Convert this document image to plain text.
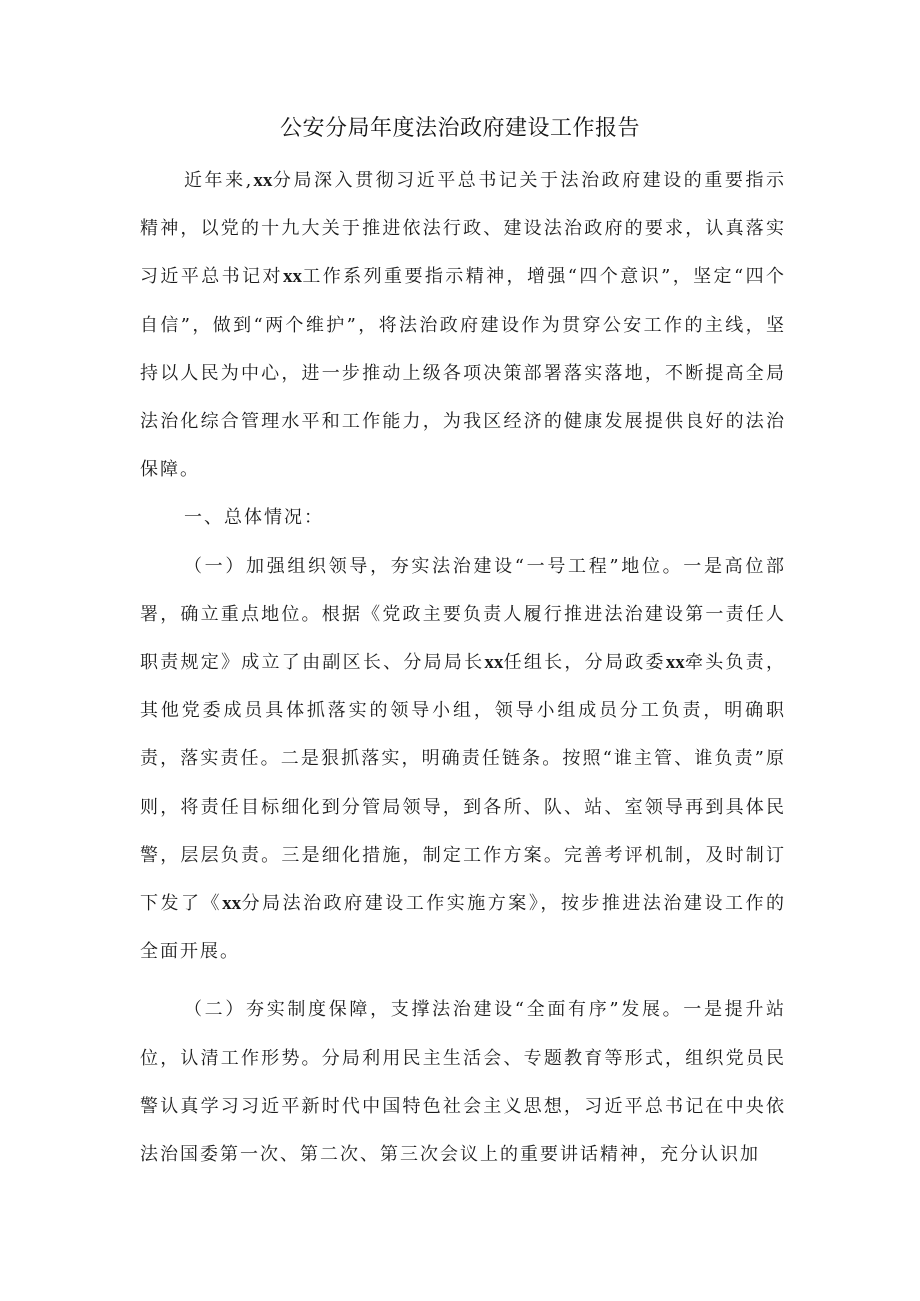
公安分局年度法治政府建设工作报告

近年来,xx分局深入贯彻习近平总书记关于法治政府建设的重要指示精神，以党的十九大关于推进依法行政、建设法治政府的要求，认真落实习近平总书记对xx工作系列重要指示精神，增强“四个意识”，坚定“四个自信”，做到“两个维护”，将法治政府建设作为贯穿公安工作的主线，坚持以人民为中心，进一步推动上级各项决策部署落实落地，不断提高全局法治化综合管理水平和工作能力，为我区经济的健康发展提供良好的法治保障。

一、总体情况：

（一）加强组织领导，夯实法治建设“一号工程”地位。一是高位部署，确立重点地位。根据《党政主要负责人履行推进法治建设第一责任人职责规定》成立了由副区长、分局局长xx任组长，分局政委xx牵头负责，其他党委成员具体抓落实的领导小组，领导小组成员分工负责，明确职责，落实责任。二是狠抓落实，明确责任链条。按照“谁主管、谁负责”原则，将责任目标细化到分管局领导，到各所、队、站、室领导再到具体民警，层层负责。三是细化措施，制定工作方案。完善考评机制，及时制订下发了《xx分局法治政府建设工作实施方案》，按步推进法治建设工作的全面开展。

（二）夯实制度保障，支撑法治建设“全面有序”发展。一是提升站位，认清工作形势。分局利用民主生活会、专题教育等形式，组织党员民警认真学习习近平新时代中国特色社会主义思想，习近平总书记在中央依法治国委第一次、第二次、第三次会议上的重要讲话精神，充分认识加
